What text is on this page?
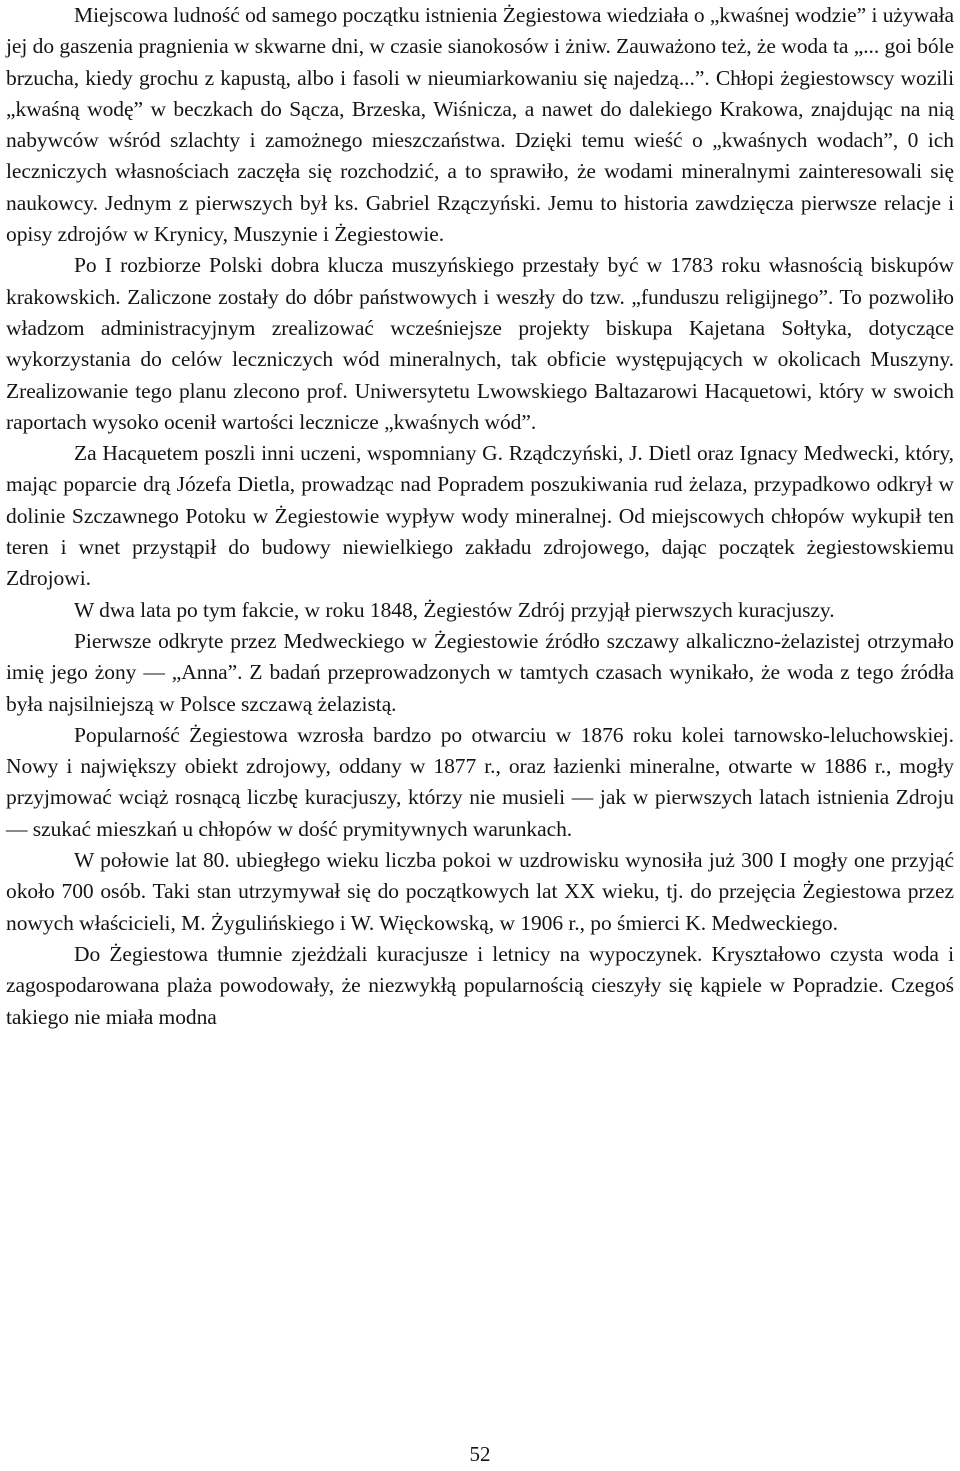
Miejscowa ludność od samego początku istnienia Żegiestowa wiedziała o „kwaśnej wodzie” i używała jej do gaszenia pragnienia w skwarne dni, w czasie sianokosów i żniw. Zauważono też, że woda ta „... goi bóle brzucha, kiedy grochu z kapustą, albo i fasoli w nieumiarkowaniu się najedzą...”. Chłopi żegiestowscy wozili „kwaśną wodę” w beczkach do Sącza, Brzeska, Wiśnicza, a nawet do dalekiego Krakowa, znajdując na nią nabywców wśród szlachty i zamożnego mieszczaństwa. Dzięki temu wieść o „kwaśnych wodach”, 0 ich leczniczych własnościach zaczęła się rozchodzić, a to sprawiło, że wodami mineralnymi zainteresowali się naukowcy. Jednym z pierwszych był ks. Gabriel Rzączyński. Jemu to historia zawdzięcza pierwsze relacje i opisy zdrojów w Krynicy, Muszynie i Żegiestowie.
Po I rozbiorze Polski dobra klucza muszyńskiego przestały być w 1783 roku własnością biskupów krakowskich. Zaliczone zostały do dóbr państwowych i weszły do tzw. „funduszu religijnego”. To pozwoliło władzom administracyjnym zrealizować wcześniejsze projekty biskupa Kajetana Sołtyka, dotyczące wykorzystania do celów leczniczych wód mineralnych, tak obficie występujących w okolicach Muszyny. Zrealizowanie tego planu zlecono prof. Uniwersytetu Lwowskiego Baltazarowi Hacąuetowi, który w swoich raportach wysoko ocenił wartości lecznicze „kwaśnych wód”.
Za Hacąuetem poszli inni uczeni, wspomniany G. Rządczyński, J. Dietl oraz Ignacy Medwecki, który, mając poparcie drą Józefa Dietla, prowadząc nad Popradem poszukiwania rud żelaza, przypadkowo odkrył w dolinie Szczawnego Potoku w Żegiestowie wypływ wody mineralnej. Od miejscowych chłopów wykupił ten teren i wnet przystąpił do budowy niewielkiego zakładu zdrojowego, dając początek żegiestowskiemu Zdrojowi.
W dwa lata po tym fakcie, w roku 1848, Żegiestów Zdrój przyjął pierwszych kuracjuszy.
Pierwsze odkryte przez Medweckiego w Żegiestowie źródło szczawy alkaliczno-żelazistej otrzymało imię jego żony — „Anna”. Z badań przeprowadzonych w tamtych czasach wynikało, że woda z tego źródła była najsilniejszą w Polsce szczawą żelazistą.
Popularność Żegiestowa wzrosła bardzo po otwarciu w 1876 roku kolei tarnowsko-leluchowskiej. Nowy i największy obiekt zdrojowy, oddany w 1877 r., oraz łazienki mineralne, otwarte w 1886 r., mogły przyjmować wciąż rosnącą liczbę kuracjuszy, którzy nie musieli — jak w pierwszych latach istnienia Zdroju — szukać mieszkań u chłopów w dość prymitywnych warunkach.
W połowie lat 80. ubiegłego wieku liczba pokoi w uzdrowisku wynosiła już 300 I mogły one przyjąć około 700 osób. Taki stan utrzymywał się do początkowych lat XX wieku, tj. do przejęcia Żegiestowa przez nowych właścicieli, M. Żygulińskiego i W. Więckowską, w 1906 r., po śmierci K. Medweckiego.
Do Żegiestowa tłumnie zjeżdżali kuracjusze i letnicy na wypoczynek. Kryształowo czysta woda i zagospodarowana plaża powodowały, że niezwykłą popularnością cieszyły się kąpiele w Popradzie. Czegoś takiego nie miała modna
52
